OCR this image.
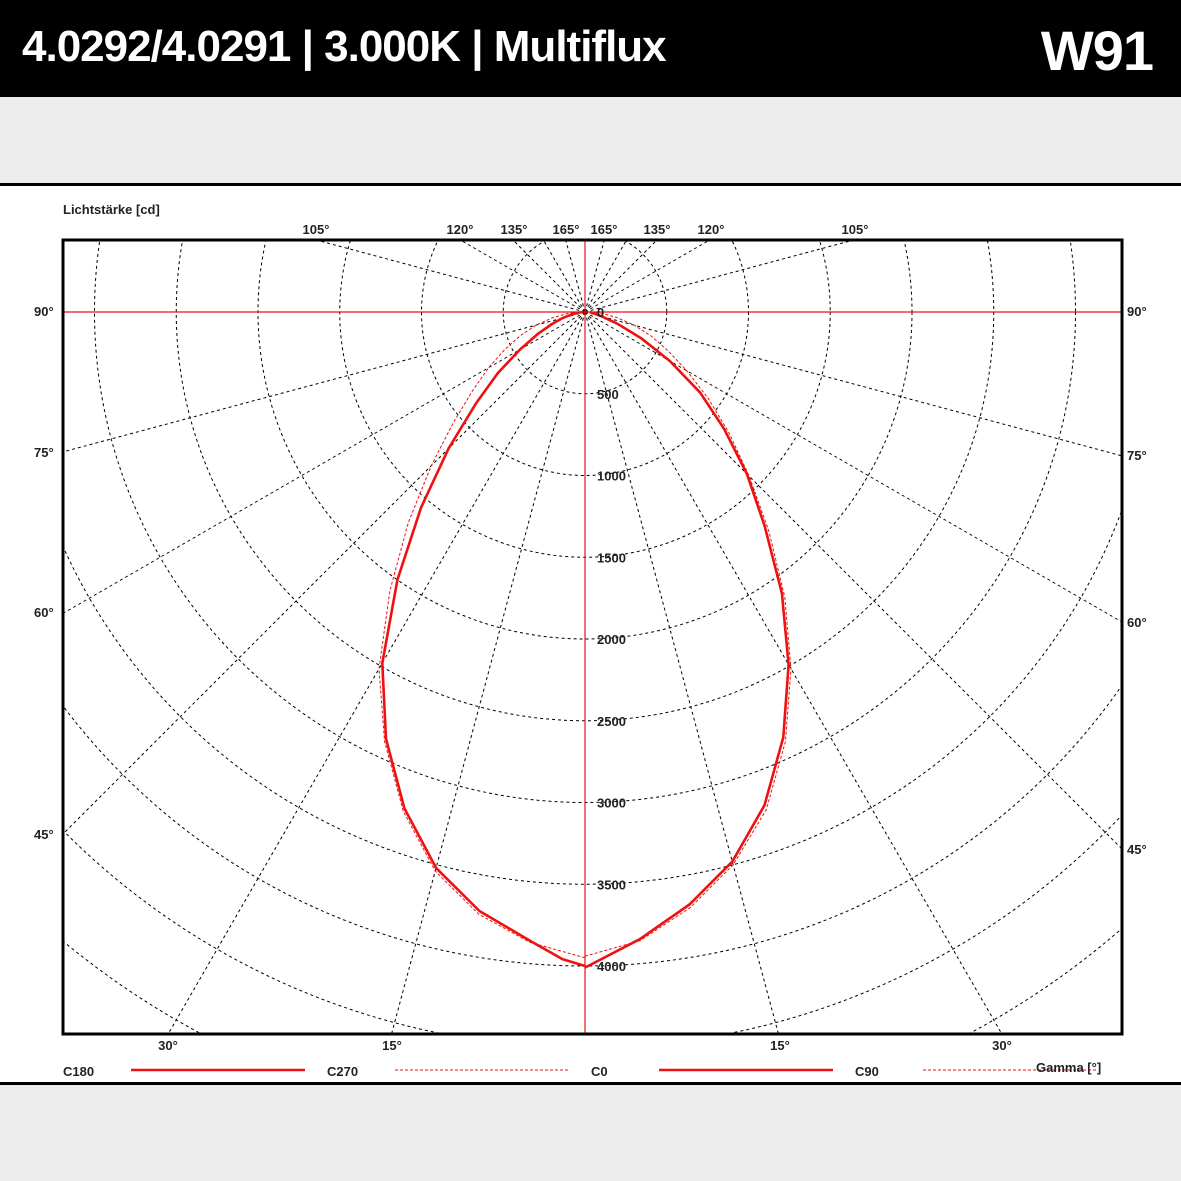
4.0292/4.0291 | 3.000K | Multiflux	W91
Lichtstärke [cd]
0
500
1000
1500
2000
2500
3000
3500
4000
105°	120° 135° 165° 165° 135° 120°	105°
90°
75°
60°
45°
90°
75°
60°
45°
30°	15°	15°	30°
C180	C270	C0	C90	Gamma [°]
